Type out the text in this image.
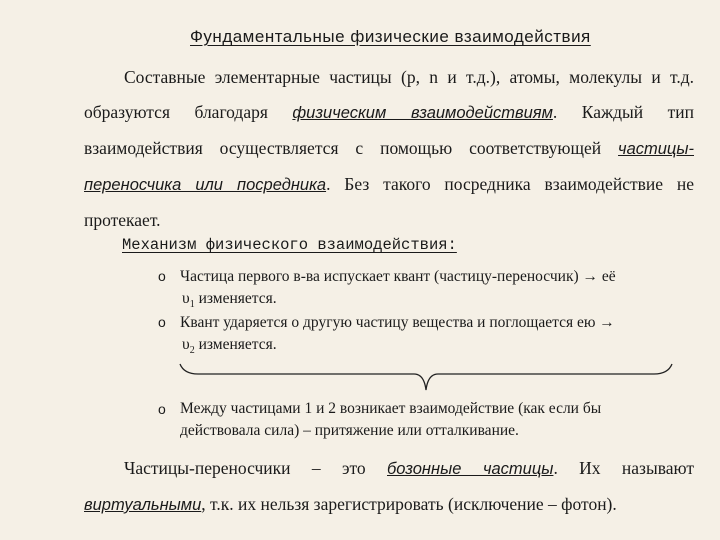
Фундаментальные физические взаимодействия
Составные элементарные частицы (p, n и т.д.), атомы, молекулы и т.д. образуются благодаря физическим взаимодействиям. Каждый тип взаимодействия осуществляется с помощью соответствующей частицы-переносчика или посредника. Без такого посредника взаимодействие не протекает.
Механизм физического взаимодействия:
o Частица первого в-ва испускает квант (частицу-переносчик) → её
$\upsilon_1$ изменяется.
o Квант ударяется о другую частицу вещества и поглощается ею →
$\upsilon_2$ изменяется.
o Между частицами 1 и 2 возникает взаимодействие (как если бы действовала сила) – притяжение или отталкивание.
Частицы-переносчики – это бозонные частицы. Их называют виртуальными, т.к. их нельзя зарегистрировать (исключение – фотон).
